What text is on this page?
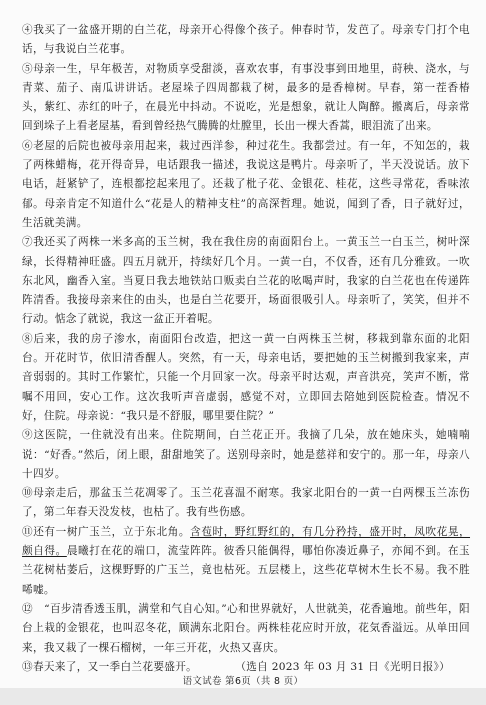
④我买了一盆盛开期的白兰花，母亲开心得像个孩子。伸春时节，发芭了。母亲专门打个电话，与我说白兰花事。

⑤母亲一生，早年极苦，对物质享受甜淡，喜欢农事，有事没事到田地里，莳秧、浇水，与青菜、茄子、南瓜讲讲话。老屋垛子四周都栽了树，最多的是香樟树。早春，第一茬香椿头，紫红、赤红的叶子，在晨光中抖动。不说吃，光是想象，就让人陶醉。搬离后，母亲常回到垛子上看老屋基，看到曾经热气腾腾的灶膛里，长出一棵大香蒿，眼泪流了出来。

⑥老屋的后院也被母亲用起来，栽过西洋参，种过花生。我都尝过。有一年，不知怎的，栽了两株蜡梅，花开得奇异，电话跟我一描述，我说这是鸭片。母亲听了，半天没说话。放下电话，赶紧铲了，连根都挖起来甩了。还栽了枇子花、金银花、桂花，这些寻常花，香味浓郁。母亲肯定不知道什么“花是人的精神支柱”的高深哲理。她说，闻到了香，日子就好过，生活就美满。

⑦我还买了两株一米多高的玉兰树，我在我住房的南面阳台上。一黄玉兰一白玉兰，树叶深绿，长得精神旺盛。四五月就开，持续好几个月。一黄一白，不仅香，还有几分雅致。一吹东北风，幽香入室。当夏日我去地铁站口贩卖白兰花的吆喝声时，我家的白兰花也在传递阵阵清香。我接母亲来住的由头，也是白兰花要开，场面很吸引人。母亲听了，笑笑，但并不行动。惦念了就说，我这一盆正开着呢。

⑧后来，我的房子渗水，南面阳台改造，把这一黄一白两株玉兰树，移栽到靠东面的北阳台。开花时节，依旧清香醒人。突然，有一天，母亲电话，要把她的玉兰树搬到我家来，声音弱弱的。其时工作繁忙，只能一个月回家一次。母亲平时达观，声音洪亮，笑声不断，常嘱不用回，安心工作。这次我听声音虚弱，感觉不对，立即回去陪她到医院检查。情况不好，住院。母亲说：“我只是不舒服，哪里要住院？”

⑨这医院，一住就没有出来。住院期间，白兰花正开。我摘了几朵，放在她床头，她喃喃说：“好香。”然后，闭上眼，甜甜地笑了。送别母亲时，她是慈祥和安宁的。那一年，母亲八十四岁。

⑩母亲走后，那盆玉兰花凋零了。玉兰花喜温不耐寒。我家北阳台的一黄一白两棵玉兰冻伤了，第二年春天没发枝，也枯了。我有些伤感。

⑪还有一树广玉兰，立于东北角。含苞时，野红野红的，有几分矜持，盛开时，凤吹花晃，颇自得。晨曦打在花的端口，流莹阵阵。彼香只能偶得，哪怕你凑近鼻子，亦闻不到。在玉兰花树枯萎后，这棵野野的广玉兰，竟也枯死。五层楼上，这些花草树木生长不易。我不胜唏嘘。

⑫　“百步清香透玉肌，满堂和气自心知。”心和世界就好，人世就美，花香遍地。前些年，阳台上栽的金银花，也叫忍冬花，顾满东北阳台。两株桂花应时开放，花気香溢远。从单田回来，我又栽了一棵石榴树，一年三开花，火热又喜庆。

⑬春天来了，又一季白兰花要盛开。	（选自 2023 年 03 月 31 日《光明日报》）
语文试卷 第6页（共 8 页）
